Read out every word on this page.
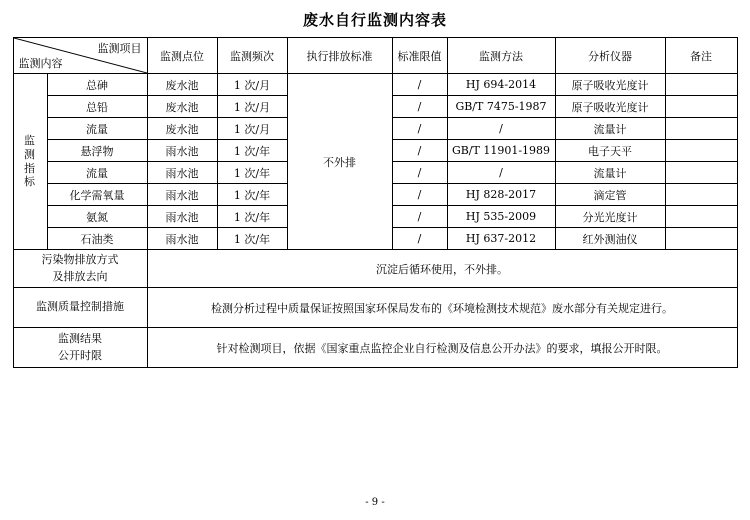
废水自行监测内容表
监测项目
监测内容		监测点位	监测频次	执行排放标准	标准限值	监测方法	分析仪器	备注
监
测
指
标	总砷	废水池	1 次/月	不外排	/	HJ 694-2014	原子吸收光度计	
	总铅	废水池	1 次/月		/	GB/T 7475-1987	原子吸收光度计	
	流量	废水池	1 次/月		/	/	流量计	
	悬浮物	雨水池	1 次/年		/	GB/T 11901-1989	电子天平	
	流量	雨水池	1 次/年		/	/	流量计	
	化学需氧量	雨水池	1 次/年		/	HJ 828-2017	滴定管	
	氨氮	雨水池	1 次/年		/	HJ 535-2009	分光光度计	
	石油类	雨水池	1 次/年		/	HJ 637-2012	红外测油仪	
污染物排放方式
及排放去向		沉淀后循环使用，不外排。						
监测质量控制措施		检测分析过程中质量保证按照国家环保局发布的《环境检测技术规范》废水部分有关规定进行。						
监测结果
公开时限		针对检测项目，依据《国家重点监控企业自行检测及信息公开办法》的要求，填报公开时限。						
- 9 -
